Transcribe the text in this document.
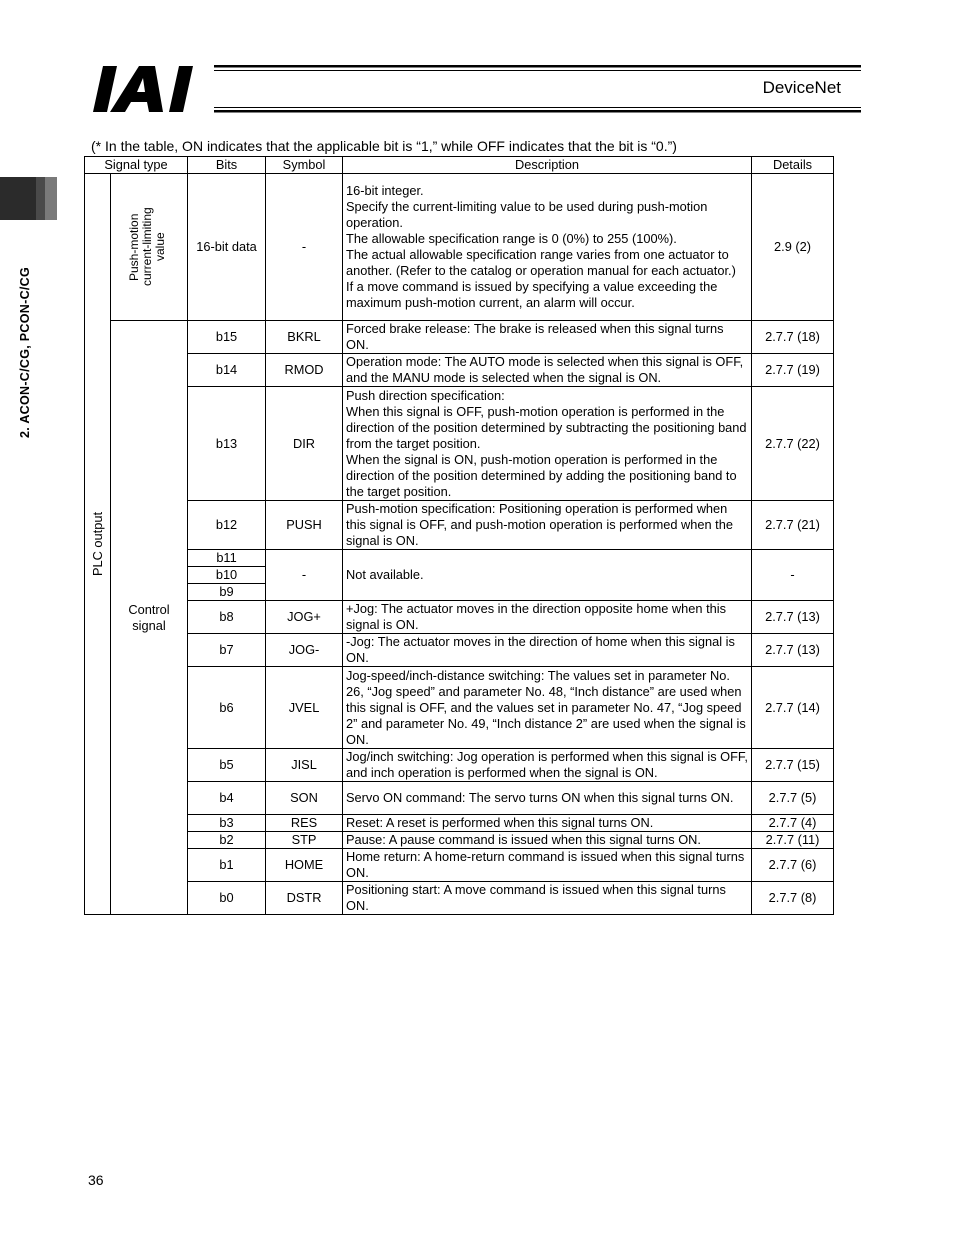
DeviceNet
2. ACON-C/CG, PCON-C/CG
(* In the table, ON indicates that the applicable bit is “1,” while OFF indicates that the bit is “0.”)
Signal type		Bits	Symbol	Description	Details

PLC output	Push-motion current-limiting value	16-bit data	-	16-bit integer.
Specify the current-limiting value to be used during push-motion operation.
The allowable specification range is 0 (0%) to 255 (100%).
The actual allowable specification range varies from one actuator to another. (Refer to the catalog or operation manual for each actuator.)
If a move command is issued by specifying a value exceeding the maximum push-motion current, an alarm will occur.	2.9 (2)
	Control signal	b15	BKRL	Forced brake release: The brake is released when this signal turns ON.	2.7.7 (18)
		b14	RMOD	Operation mode: The AUTO mode is selected when this signal is OFF, and the MANU mode is selected when the signal is ON.	2.7.7 (19)
		b13	DIR	Push direction specification:
When this signal is OFF, push-motion operation is performed in the direction of the position determined by subtracting the positioning band from the target position.
When the signal is ON, push-motion operation is performed in the direction of the position determined by adding the positioning band to the target position.	2.7.7 (22)
		b12	PUSH	Push-motion specification: Positioning operation is performed when this signal is OFF, and push-motion operation is performed when the signal is ON.	2.7.7 (21)
		b11	-	Not available.	-
		b10			
		b9			
		b8	JOG+	+Jog: The actuator moves in the direction opposite home when this signal is ON.	2.7.7 (13)
		b7	JOG-	-Jog: The actuator moves in the direction of home when this signal is ON.	2.7.7 (13)
		b6	JVEL	Jog-speed/inch-distance switching: The values set in parameter No. 26, “Jog speed” and parameter No. 48, “Inch distance” are used when this signal is OFF, and the values set in parameter No. 47, “Jog speed 2” and parameter No. 49, “Inch distance 2” are used when the signal is ON.	2.7.7 (14)
		b5	JISL	Jog/inch switching: Jog operation is performed when this signal is OFF, and inch operation is performed when the signal is ON.	2.7.7 (15)
		b4	SON	Servo ON command: The servo turns ON when this signal turns ON.	2.7.7 (5)
		b3	RES	Reset: A reset is performed when this signal turns ON.	2.7.7 (4)
		b2	STP	Pause: A pause command is issued when this signal turns ON.	2.7.7 (11)
		b1	HOME	Home return: A home-return command is issued when this signal turns ON.	2.7.7 (6)
		b0	DSTR	Positioning start: A move command is issued when this signal turns ON.	2.7.7 (8)
36
